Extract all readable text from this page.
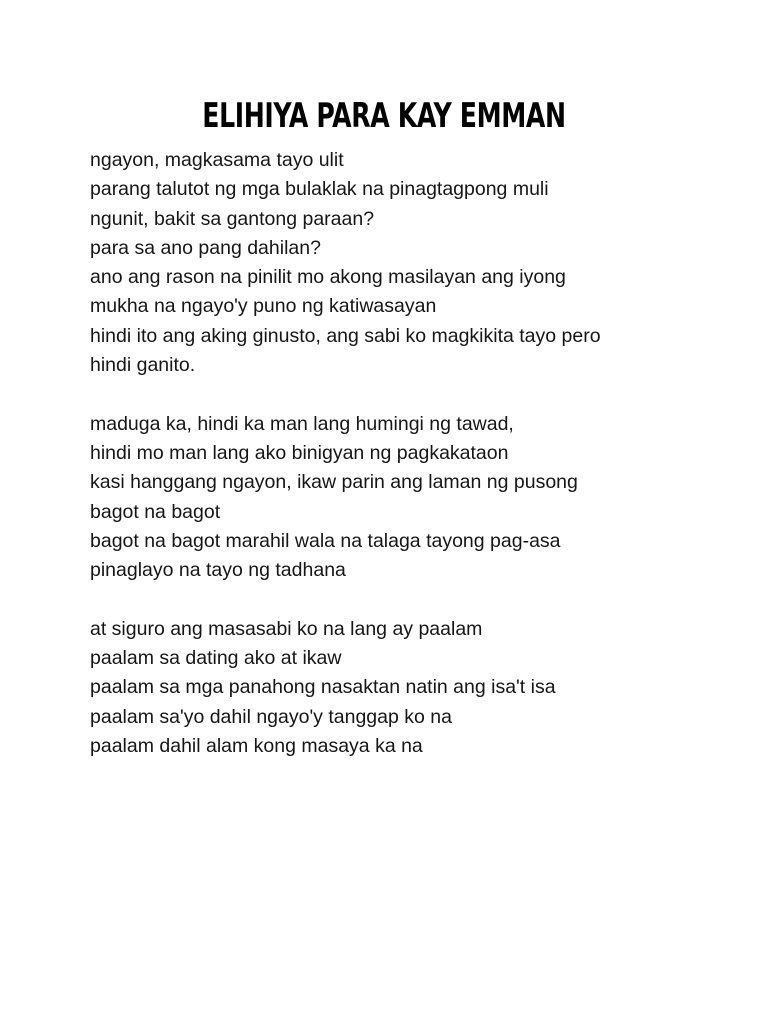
ELIHIYA PARA KAY EMMAN
ngayon, magkasama tayo ulit
parang talutot ng mga bulaklak na pinagtagpong muli
ngunit, bakit sa gantong paraan?
para sa ano pang dahilan?
ano ang rason na pinilit mo akong masilayan ang iyong
mukha na ngayo'y puno ng katiwasayan
hindi ito ang aking ginusto, ang sabi ko magkikita tayo pero
hindi ganito.
maduga ka, hindi ka man lang humingi ng tawad,
hindi mo man lang ako binigyan ng pagkakataon
kasi hanggang ngayon, ikaw parin ang laman ng pusong
bagot na bagot
bagot na bagot marahil wala na talaga tayong pag-asa
pinaglayo na tayo ng tadhana
at siguro ang masasabi ko na lang ay paalam
paalam sa dating ako at ikaw
paalam sa mga panahong nasaktan natin ang isa't isa
paalam sa'yo dahil ngayo'y tanggap ko na
paalam dahil alam kong masaya ka na
